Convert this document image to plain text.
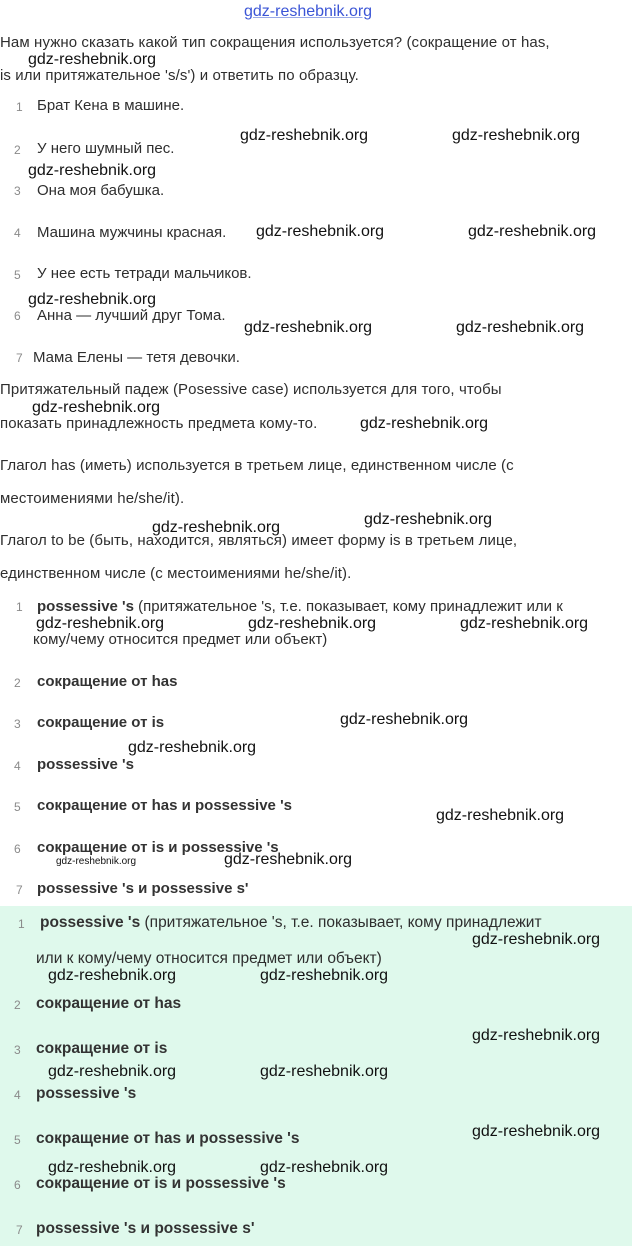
gdz-reshebnik.org
Нам нужно сказать какой тип сокращения используется? (сокращение от has,
is или притяжательное 's/s') и ответить по образцу.
1 Брат Кена в машине.
2 У него шумный пес.
3 Она моя бабушка.
4 Машина мужчины красная.
5 У нее есть тетради мальчиков.
6 Анна — лучший друг Тома.
7 Мама Елены — тетя девочки.
Притяжательный падеж (Posessive case) используется для того, чтобы
показать принадлежность предмета кому-то.
Глагол has (иметь) используется в третьем лице, единственном числе (с
местоимениями he/she/it).
Глагол to be (быть, находится, являться) имеет форму is в третьем лице,
единственном числе (с местоимениями he/she/it).
1 possessive 's (притяжательное 's, т.е. показывает, кому принадлежит или к
кому/чему относится предмет или объект)
2 сокращение от has
3 сокращение от is
4 possessive 's
5 сокращение от has и possessive 's
6 сокращение от is и possessive 's
7 possessive 's и possessive s'
1 possessive 's (притяжательное 's, т.е. показывает, кому принадлежит
или к кому/чему относится предмет или объект)
2 сокращение от has
3 сокращение от is
4 possessive 's
5 сокращение от has и possessive 's
6 сокращение от is и possessive 's
7 possessive 's и possessive s'
gdz-reshebnik.org
gdz-reshebnik.org	gdz-reshebnik.org
gdz-reshebnik.org
gdz-reshebnik.org	gdz-reshebnik.org
gdz-reshebnik.org
gdz-reshebnik.org	gdz-reshebnik.org
gdz-reshebnik.org
gdz-reshebnik.org
gdz-reshebnik.org
gdz-reshebnik.org
gdz-reshebnik.org	gdz-reshebnik.org	gdz-reshebnik.org
gdz-reshebnik.org
gdz-reshebnik.org
gdz-reshebnik.org
gdz-reshebnik.org
gdz-reshebnik.org
gdz-reshebnik.org
gdz-reshebnik.org	gdz-reshebnik.org
gdz-reshebnik.org
gdz-reshebnik.org	gdz-reshebnik.org
gdz-reshebnik.org
gdz-reshebnik.org	gdz-reshebnik.org
